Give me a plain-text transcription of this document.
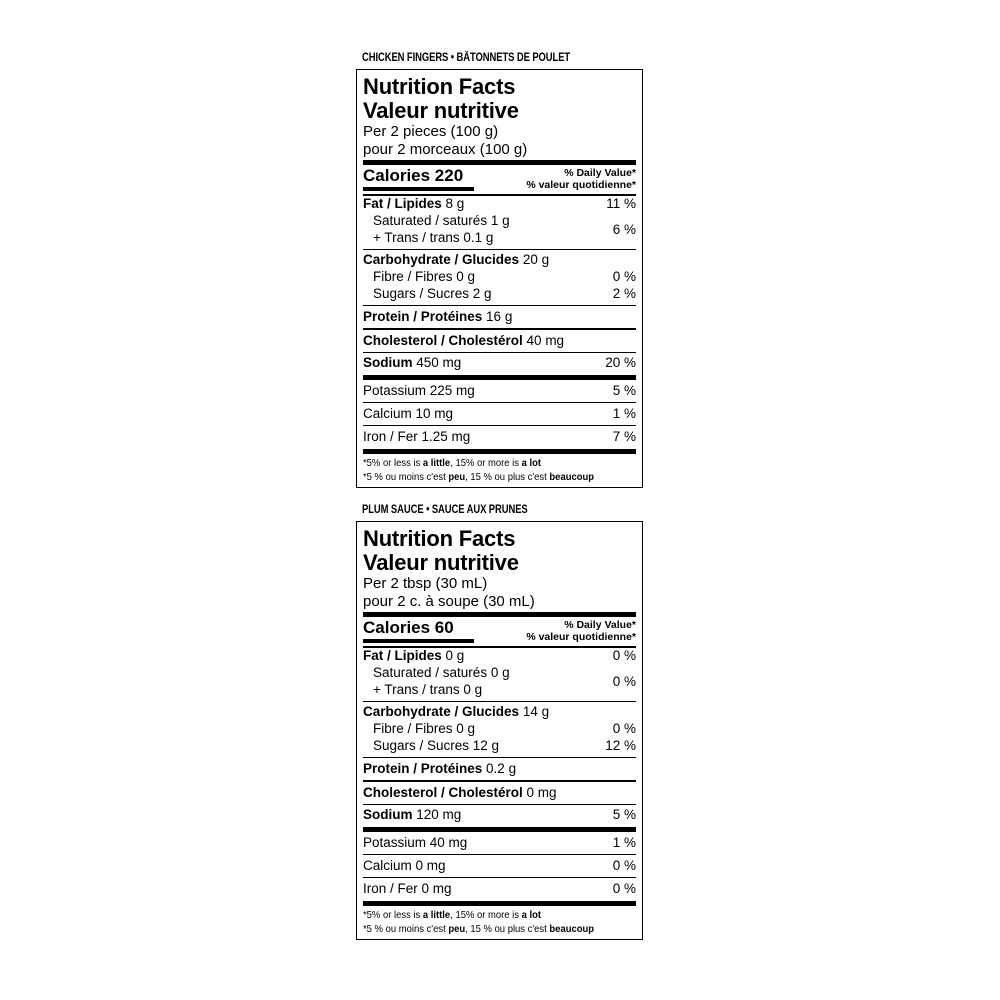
CHICKEN FINGERS • BÂTONNETS DE POULET
Nutrition Facts
Valeur nutritive
Per 2 pieces (100 g)
pour 2 morceaux (100 g)
Calories 220	% Daily Value*
% valeur quotidienne*
Fat / Lipides 8 g	11 %
Saturated / saturés 1 g
+ Trans / trans 0.1 g	6 %
Carbohydrate / Glucides 20 g
Fibre / Fibres 0 g	0 %
Sugars / Sucres 2 g	2 %
Protein / Protéines 16 g
Cholesterol / Cholestérol 40 mg
Sodium 450 mg	20 %
Potassium 225 mg	5 %
Calcium 10 mg	1 %
Iron / Fer 1.25 mg	7 %
*5% or less is a little, 15% or more is a lot
*5 % ou moins c'est peu, 15 % ou plus c'est beaucoup
PLUM SAUCE • SAUCE AUX PRUNES
Nutrition Facts
Valeur nutritive
Per 2 tbsp (30 mL)
pour 2 c. à soupe (30 mL)
Calories 60	% Daily Value*
% valeur quotidienne*
Fat / Lipides 0 g	0 %
Saturated / saturés 0 g
+ Trans / trans 0 g	0 %
Carbohydrate / Glucides 14 g
Fibre / Fibres 0 g	0 %
Sugars / Sucres 12 g	12 %
Protein / Protéines 0.2 g
Cholesterol / Cholestérol 0 mg
Sodium 120 mg	5 %
Potassium 40 mg	1 %
Calcium 0 mg	0 %
Iron / Fer 0 mg	0 %
*5% or less is a little, 15% or more is a lot
*5 % ou moins c'est peu, 15 % ou plus c'est beaucoup
